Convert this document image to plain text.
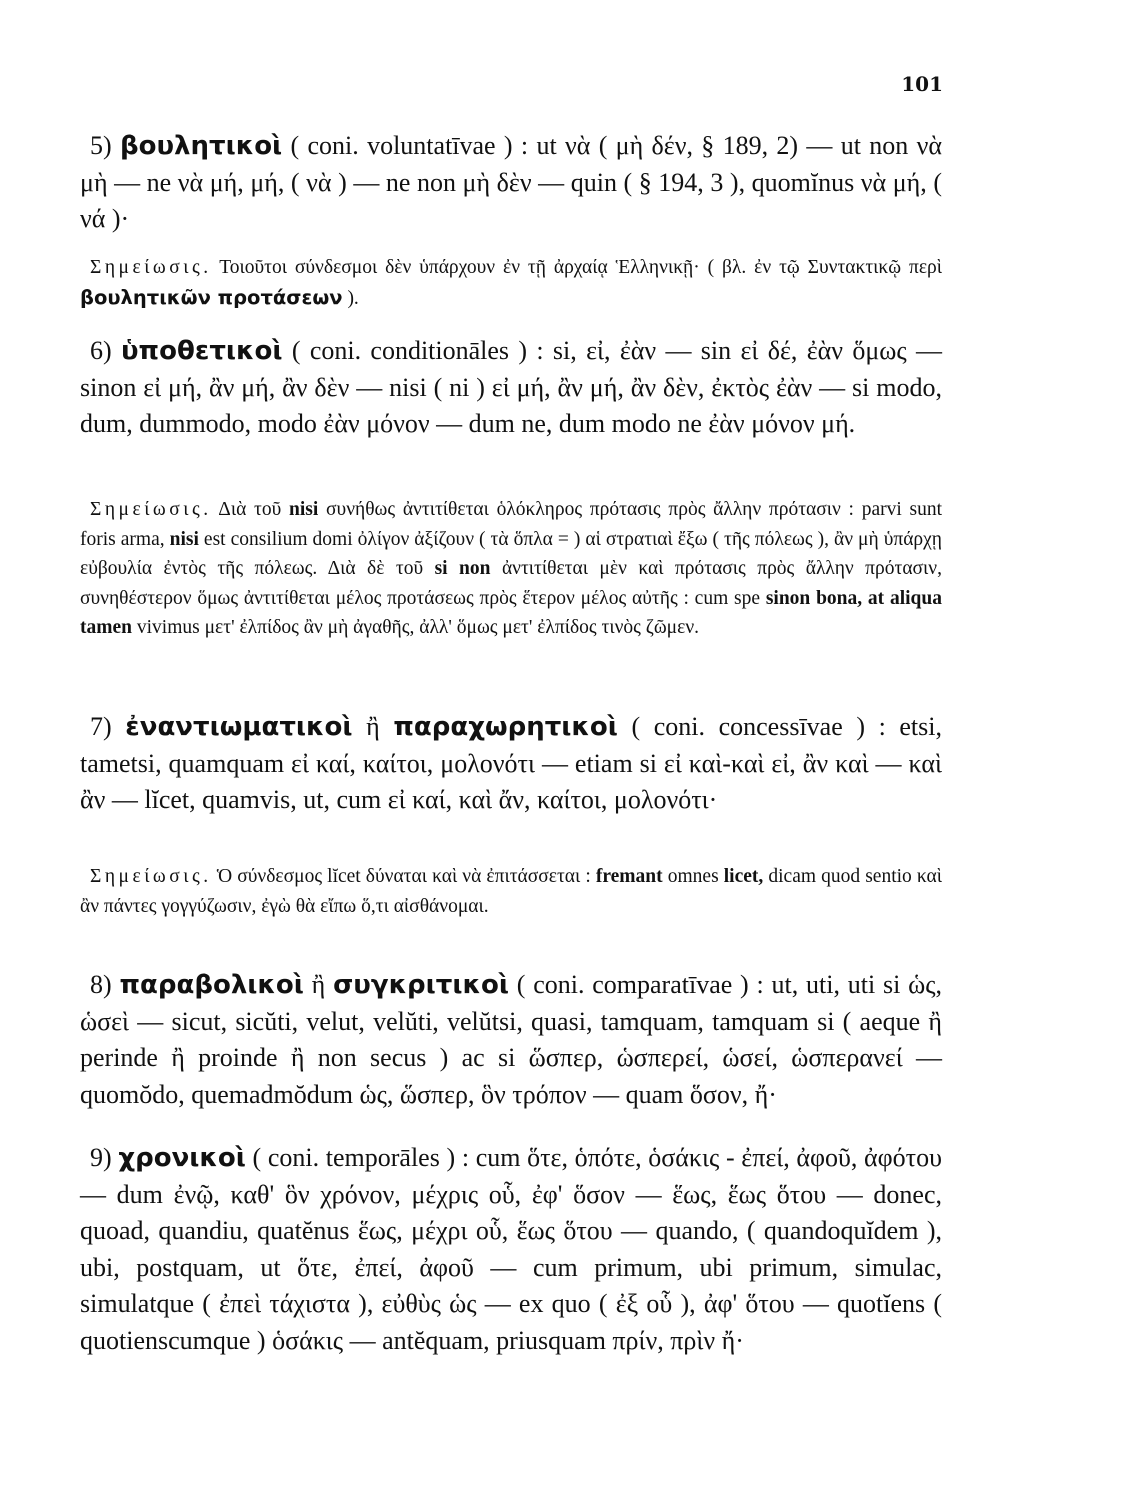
101

5) βουλητικοὶ ( coni. voluntatīvae ) : ut νὰ ( μὴ δέν, § 189, 2) — ut non νὰ μὴ — ne νὰ μή, μή, ( νὰ ) — ne non μὴ δὲν — quin ( § 194, 3 ), quomĭnus νὰ μή, ( νά )·

Σημείωσις. Τοιοῦτοι σύνδεσμοι δὲν ὑπάρχουν ἐν τῇ ἀρχαίᾳ Ἑλληνικῇ· ( βλ. ἐν τῷ Συντακτικῷ περὶ βουλητικῶν προτάσεων ).

6) ὑποθετικοὶ ( coni. conditionāles ) : si, εἰ, ἐὰν — sin εἰ δέ, ἐὰν ὅμως — sinon εἰ μή, ἂν μή, ἂν δὲν — nisi ( ni ) εἰ μή, ἂν μή, ἂν δὲν, ἐκτὸς ἐὰν — si modo, dum, dummodo, modo ἐὰν μόνον — dum ne, dum modo ne ἐὰν μόνον μή.

Σημείωσις. Διὰ τοῦ nisi συνήθως ἀντιτίθεται ὁλόκληρος πρότασις πρὸς ἄλλην πρότασιν : parvi sunt foris arma, nisi est consilium domi ὀλίγον ἀξίζουν ( τὰ ὅπλα = ) αἱ στρατιαὶ ἔξω ( τῆς πόλεως ), ἂν μὴ ὑπάρχῃ εὐβουλία ἐντὸς τῆς πόλεως. Διὰ δὲ τοῦ si non ἀντιτίθεται μὲν καὶ πρότασις πρὸς ἄλλην πρότασιν, συνηθέστερον ὅμως ἀντιτίθεται μέλος προτάσεως πρὸς ἕτερον μέλος αὐτῆς : cum spe sinon bona, at aliqua tamen vivimus μετ' ἐλπίδος ἂν μὴ ἀγαθῆς, ἀλλ' ὅμως μετ' ἐλπίδος τινὸς ζῶμεν.

7) ἐναντιωματικοὶ ἢ παραχωρητικοὶ ( coni. concessīvae ) : etsi, tametsi, quamquam εἰ καί, καίτοι, μολονότι — etiam si εἰ καὶ-καὶ εἰ, ἂν καὶ — καὶ ἂν — lĭcet, quamvis, ut, cum εἰ καί, καὶ ἄν, καίτοι, μολονότι·

Σημείωσις. Ὁ σύνδεσμος lĭcet δύναται καὶ νὰ ἐπιτάσσεται : fremant omnes licet, dicam quod sentio καὶ ἂν πάντες γογγύζωσιν, ἐγὼ θὰ εἴπω ὅ,τι αἰσθάνομαι.

8) παραβολικοὶ ἢ συγκριτικοὶ ( coni. comparatīvae ) : ut, uti, uti si ὡς, ὡσεὶ — sicut, sicŭti, velut, velŭti, velŭtsi, quasi, tamquam, tamquam si ( aeque ἢ perinde ἢ proinde ἢ non secus ) ac si ὥσπερ, ὡσπερεί, ὡσεί, ὡσπερανεί — quomŏdo, quemadmŏdum ὡς, ὥσπερ, ὃν τρόπον — quam ὅσον, ἤ·

9) χρονικοὶ ( coni. temporāles ) : cum ὅτε, ὁπότε, ὁσάκις - ἐπεί, ἀφοῦ, ἀφότου — dum ἐνῷ, καθ' ὃν χρόνον, μέχρις οὗ, ἐφ' ὅσον — ἕως, ἕως ὅτου — donec, quoad, quandiu, quatĕnus ἕως, μέχρι οὗ, ἕως ὅτου — quando, ( quandoquĭdem ), ubi, postquam, ut ὅτε, ἐπεί, ἀφοῦ — cum primum, ubi primum, simulac, simulatque ( ἐπεὶ τάχιστα ), εὐθὺς ὡς — ex quo ( ἐξ οὗ ), ἀφ' ὅτου — quotĭens ( quotienscumque ) ὁσάκις — antĕquam, priusquam πρίν, πρὶν ἤ·
